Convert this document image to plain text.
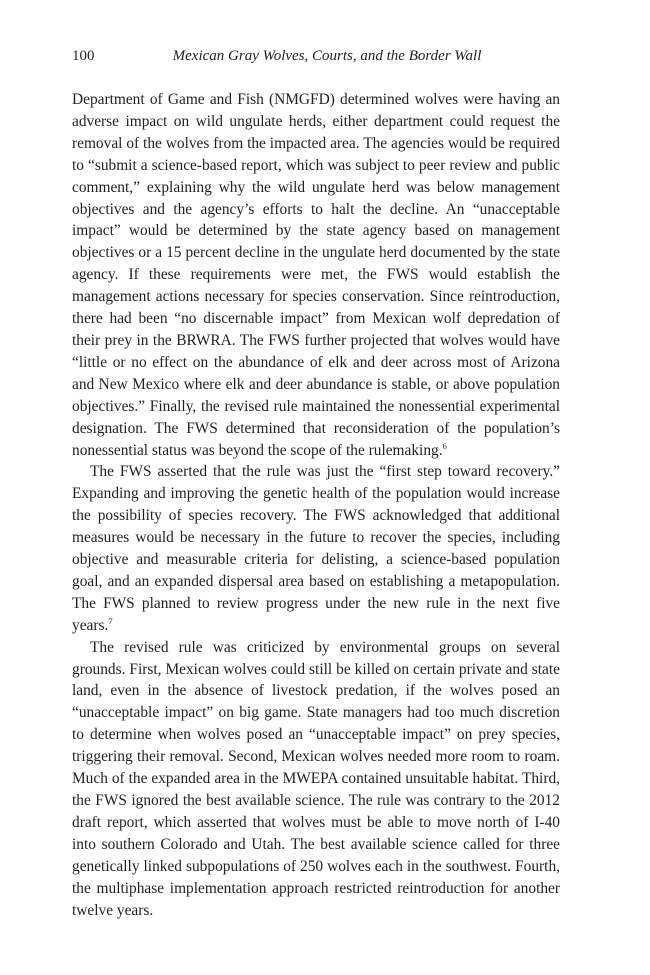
100	Mexican Gray Wolves, Courts, and the Border Wall

Department of Game and Fish (NMGFD) determined wolves were having an adverse impact on wild ungulate herds, either department could request the removal of the wolves from the impacted area. The agencies would be required to “submit a science-based report, which was subject to peer review and public comment,” explaining why the wild ungulate herd was below management objectives and the agency’s efforts to halt the decline. An “unacceptable impact” would be determined by the state agency based on management objectives or a 15 percent decline in the ungulate herd documented by the state agency. If these requirements were met, the FWS would establish the management actions necessary for species conservation. Since reintroduction, there had been “no discernable impact” from Mexican wolf depredation of their prey in the BRWRA. The FWS further projected that wolves would have “little or no effect on the abundance of elk and deer across most of Arizona and New Mexico where elk and deer abundance is stable, or above population objectives.” Finally, the revised rule maintained the nonessential experimental designation. The FWS determined that reconsideration of the population’s nonessential status was beyond the scope of the rulemaking.$^6$

The FWS asserted that the rule was just the “first step toward recovery.” Expanding and improving the genetic health of the population would increase the possibility of species recovery. The FWS acknowledged that additional measures would be necessary in the future to recover the species, including objective and measurable criteria for delisting, a science-based population goal, and an expanded dispersal area based on establishing a metapopulation. The FWS planned to review progress under the new rule in the next five years.$^7$

The revised rule was criticized by environmental groups on several grounds. First, Mexican wolves could still be killed on certain private and state land, even in the absence of livestock predation, if the wolves posed an “unacceptable impact” on big game. State managers had too much discretion to determine when wolves posed an “unacceptable impact” on prey species, triggering their removal. Second, Mexican wolves needed more room to roam. Much of the expanded area in the MWEPA contained unsuitable habitat. Third, the FWS ignored the best available science. The rule was contrary to the 2012 draft report, which asserted that wolves must be able to move north of I-40 into southern Colorado and Utah. The best available science called for three genetically linked subpopulations of 250 wolves each in the southwest. Fourth, the multiphase implementation approach restricted reintroduction for another twelve years.
